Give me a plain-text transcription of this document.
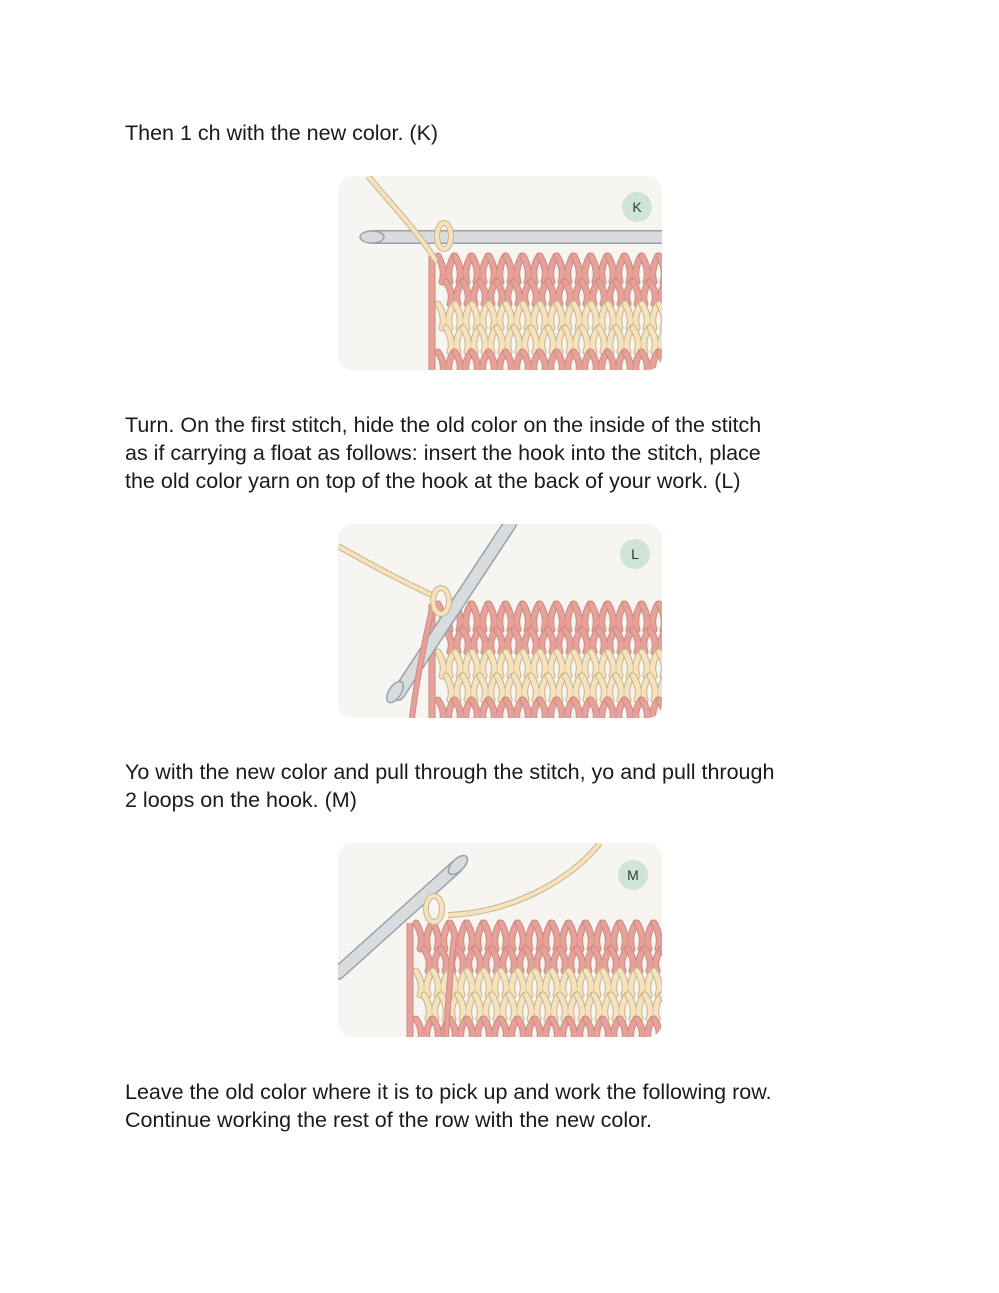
Then 1 ch with the new color. (K)

Turn. On the first stitch, hide the old color on the inside of the stitch
as if carrying a float as follows: insert the hook into the stitch, place
the old color yarn on top of the hook at the back of your work. (L)

Yo with the new color and pull through the stitch, yo and pull through
2 loops on the hook. (M)

Leave the old color where it is to pick up and work the following row.
Continue working the rest of the row with the new color.

K
L
M
